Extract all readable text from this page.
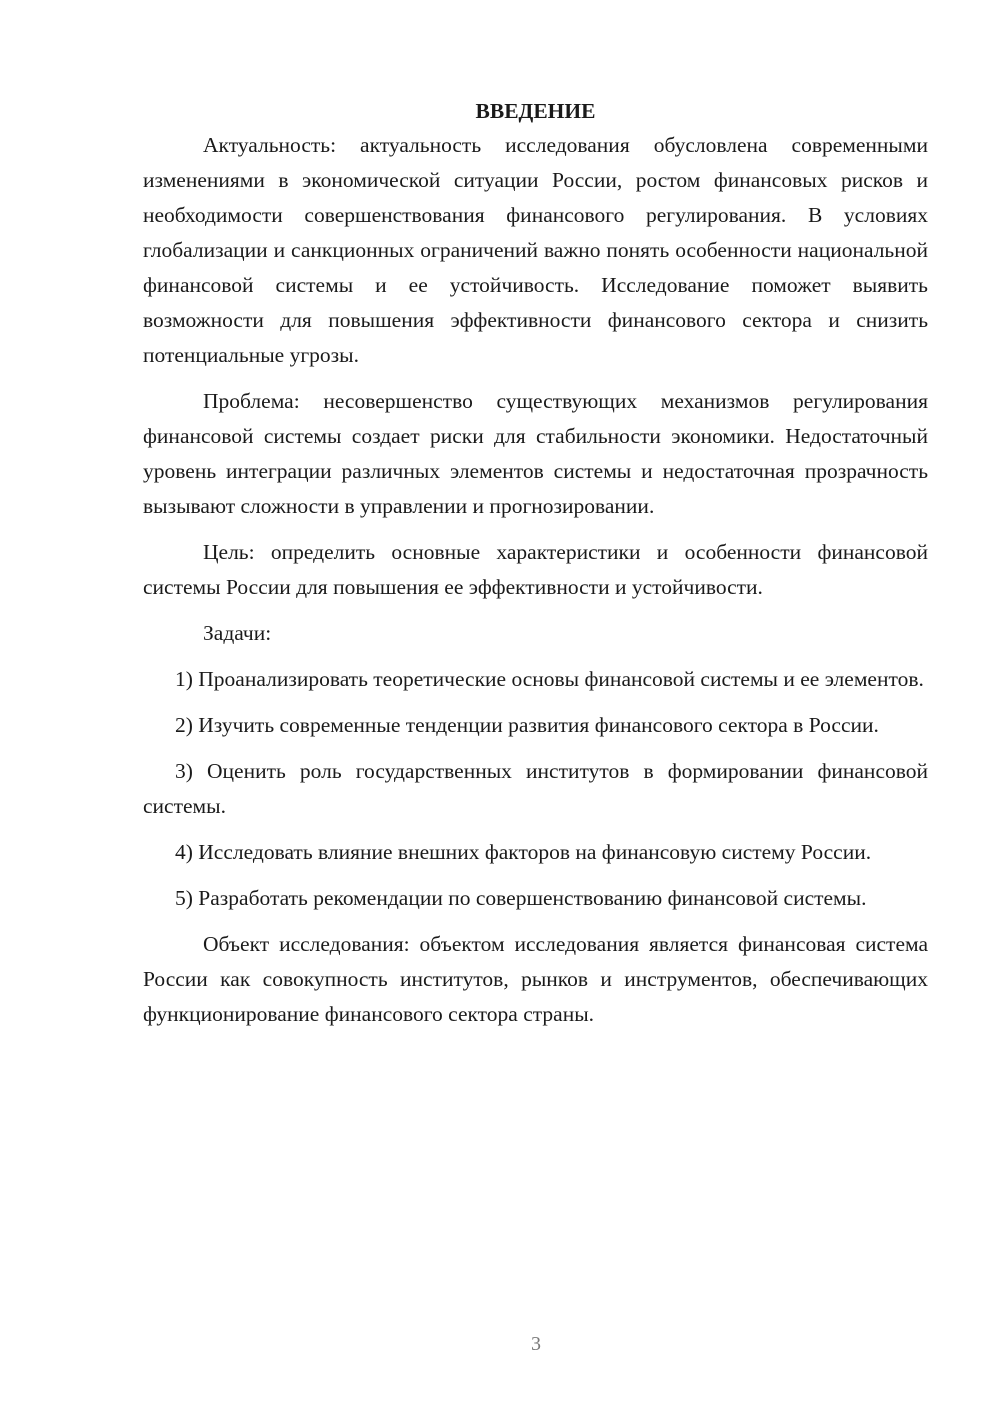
ВВЕДЕНИЕ

Актуальность: актуальность исследования обусловлена современными изменениями в экономической ситуации России, ростом финансовых рисков и необходимости совершенствования финансового регулирования. В условиях глобализации и санкционных ограничений важно понять особенности национальной финансовой системы и ее устойчивость. Исследование поможет выявить возможности для повышения эффективности финансового сектора и снизить потенциальные угрозы.

Проблема: несовершенство существующих механизмов регулирования финансовой системы создает риски для стабильности экономики. Недостаточный уровень интеграции различных элементов системы и недостаточная прозрачность вызывают сложности в управлении и прогнозировании.

Цель: определить основные характеристики и особенности финансовой системы России для повышения ее эффективности и устойчивости.

Задачи:

1) Проанализировать теоретические основы финансовой системы и ее элементов.

2) Изучить современные тенденции развития финансового сектора в России.

3) Оценить роль государственных институтов в формировании финансовой системы.

4) Исследовать влияние внешних факторов на финансовую систему России.

5) Разработать рекомендации по совершенствованию финансовой системы.

Объект исследования: объектом исследования является финансовая система России как совокупность институтов, рынков и инструментов, обеспечивающих функционирование финансового сектора страны.

3
